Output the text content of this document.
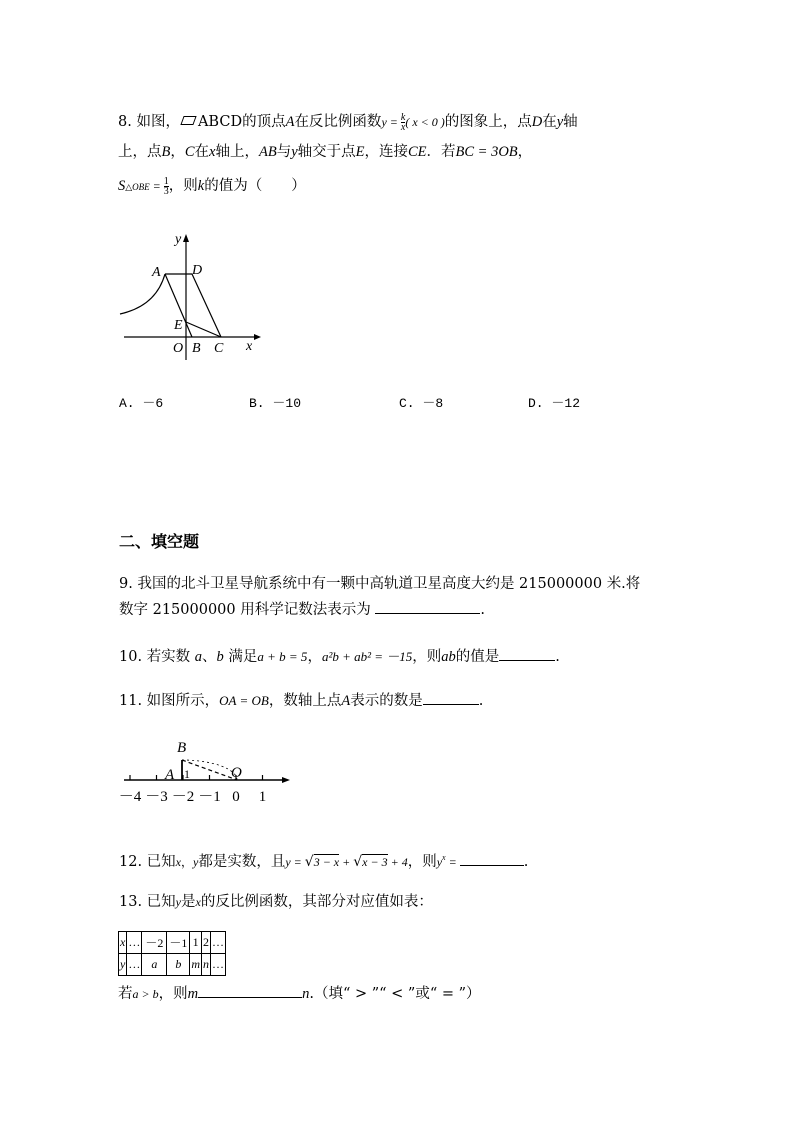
8. 如图， ABCD的顶点A在反比例函数$y = \frac{k}{x}$ ( x < 0 )的图象上，点D在y轴
上，点B，C在x轴上，AB与y轴交于点E，连接CE．若BC = 3OB，
S△OBE = $\frac{1}{3}$ ，则k的值为（　　）
y
x
A D
E
O B C
A. －6	B. －10	C. －8	D. －12
二、填空题
9. 我国的北斗卫星导航系统中有一颗中高轨道卫星高度大约是 215000000 米.将
数字 215000000 用科学记数法表示为	.
10. 若实数 a、b 满足a + b = 5，a²b + ab² = －15，则ab的值是	.
11. 如图所示，OA = OB，数轴上点A表示的数是	.
－4 －3 －2 －1 0 1
B
A 1	O
12. 已知x，y都是实数，且y = √3 − x + √x − 3 + 4，则$y^x$ =	.
13. 已知y是x的反比例函数，其部分对应值如表：
x	…	－2	－1	1	2	…
y	…	a	b	m	n	…
若a > b，则m	n.（填“ > ”“ < ”或“ = ”）
